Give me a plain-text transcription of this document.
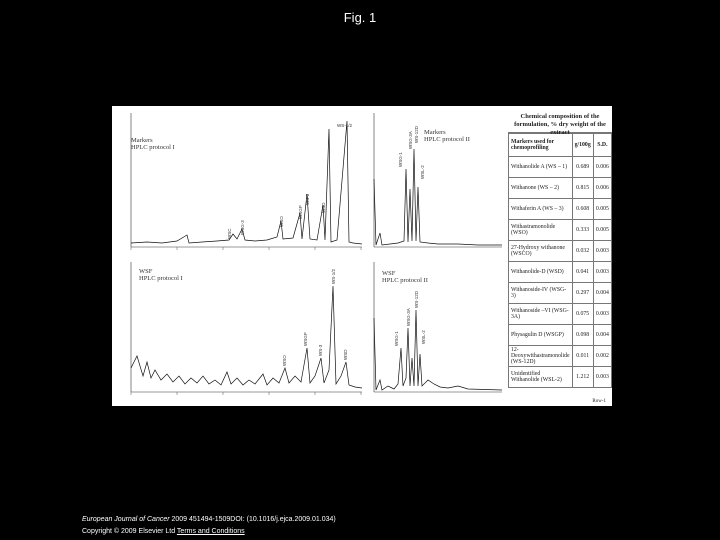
Fig. 1
Markers
HPLC protocol I
WS-1/2
WSO
WSGP
WS-3
WSD
WSG-3
WSC
Markers
HPLC protocol II
WSG-1
WSG-3A WS-12D
WSL-2
WSF
HPLC protocol I	WS-1/2
WSO
WSGP
WS-3	WSD
WSF
HPLC protocol II
WSG-1
WSG-3A
WS-12D
WSL-2
Chemical composition of the formulation, % dry weight of the extract
Markers used for chemoprofiling	g/100g	S.D.
Withanolide A (WS – 1)	0.689	0.006
Withanone (WS – 2)	0.815	0.006
Withaferin A (WS – 3)	0.608	0.005
Withastramonolide (WSO)	0.333	0.005
27-Hydroxy withanone (WSCO)	0.032	0.003
Withanolide-D (WSD)	0.041	0.003
Withanoside-IV (WSG-3)	0.297	0.004
Withanoside –VI (WSG-3A)	0.075	0.003
Physagulin D (WSGP)	0.098	0.004
12-Deoxywithastramonolide (WS-12D)	0.011	0.002
Unidentified Withanolide (WSL-2)	1.212	0.003
Row-1
European Journal of Cancer 2009 451494-1509DOI: (10.1016/j.ejca.2009.01.034)
Copyright © 2009 Elsevier Ltd Terms and Conditions
